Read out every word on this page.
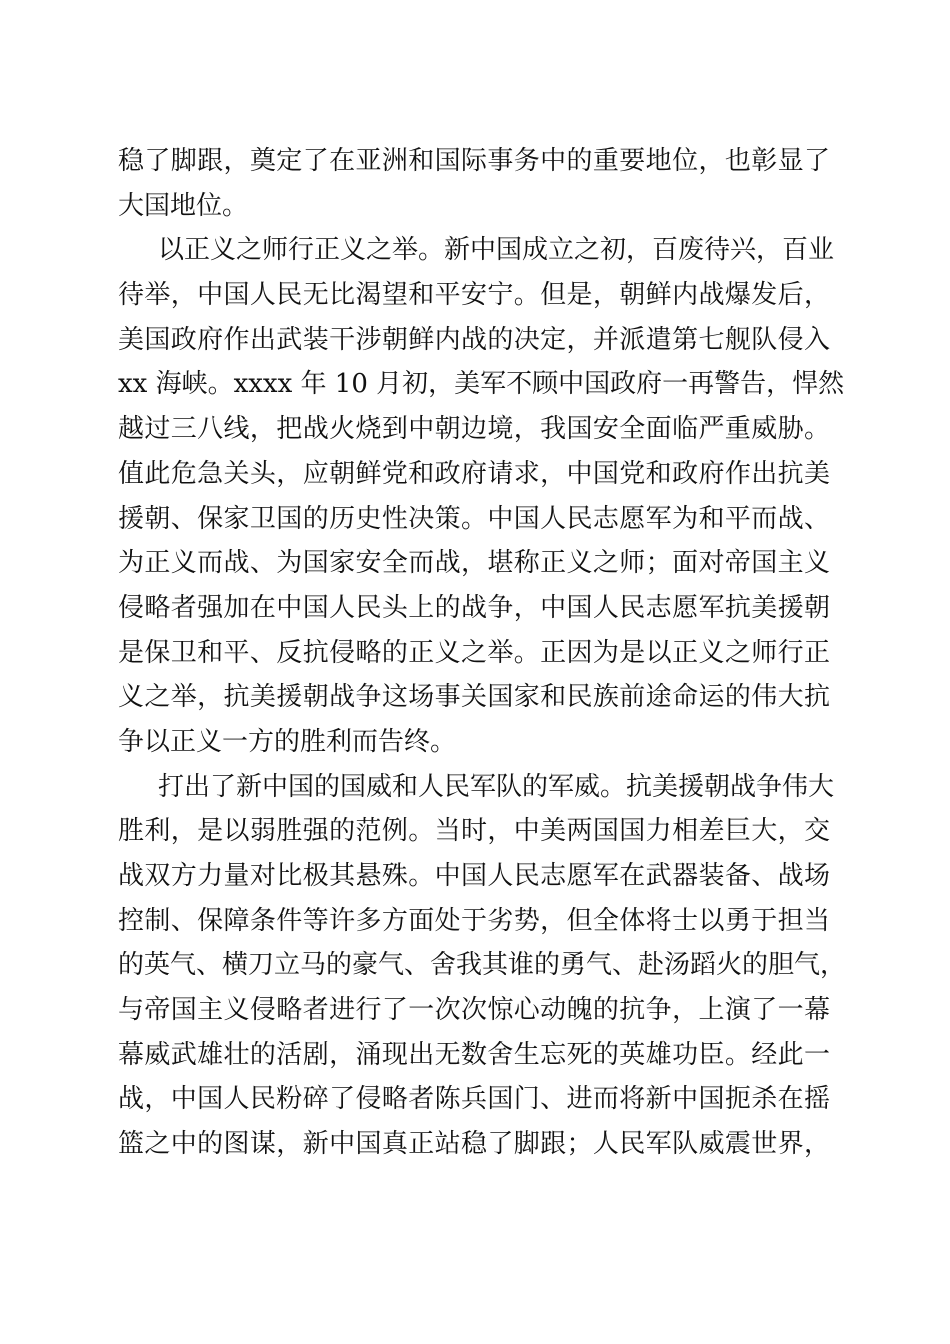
稳了脚跟，奠定了在亚洲和国际事务中的重要地位，也彰显了
大国地位。
以正义之师行正义之举。新中国成立之初，百废待兴，百业
待举，中国人民无比渴望和平安宁。但是，朝鲜内战爆发后，
美国政府作出武装干涉朝鲜内战的决定，并派遣第七舰队侵入
xx 海峡。xxxx 年 10 月初，美军不顾中国政府一再警告，悍然
越过三八线，把战火烧到中朝边境，我国安全面临严重威胁。
值此危急关头，应朝鲜党和政府请求，中国党和政府作出抗美
援朝、保家卫国的历史性决策。中国人民志愿军为和平而战、
为正义而战、为国家安全而战，堪称正义之师；面对帝国主义
侵略者强加在中国人民头上的战争，中国人民志愿军抗美援朝
是保卫和平、反抗侵略的正义之举。正因为是以正义之师行正
义之举，抗美援朝战争这场事关国家和民族前途命运的伟大抗
争以正义一方的胜利而告终。
打出了新中国的国威和人民军队的军威。抗美援朝战争伟大
胜利，是以弱胜强的范例。当时，中美两国国力相差巨大，交
战双方力量对比极其悬殊。中国人民志愿军在武器装备、战场
控制、保障条件等许多方面处于劣势，但全体将士以勇于担当
的英气、横刀立马的豪气、舍我其谁的勇气、赴汤蹈火的胆气，
与帝国主义侵略者进行了一次次惊心动魄的抗争，上演了一幕
幕威武雄壮的活剧，涌现出无数舍生忘死的英雄功臣。经此一
战，中国人民粉碎了侵略者陈兵国门、进而将新中国扼杀在摇
篮之中的图谋，新中国真正站稳了脚跟；人民军队威震世界，
